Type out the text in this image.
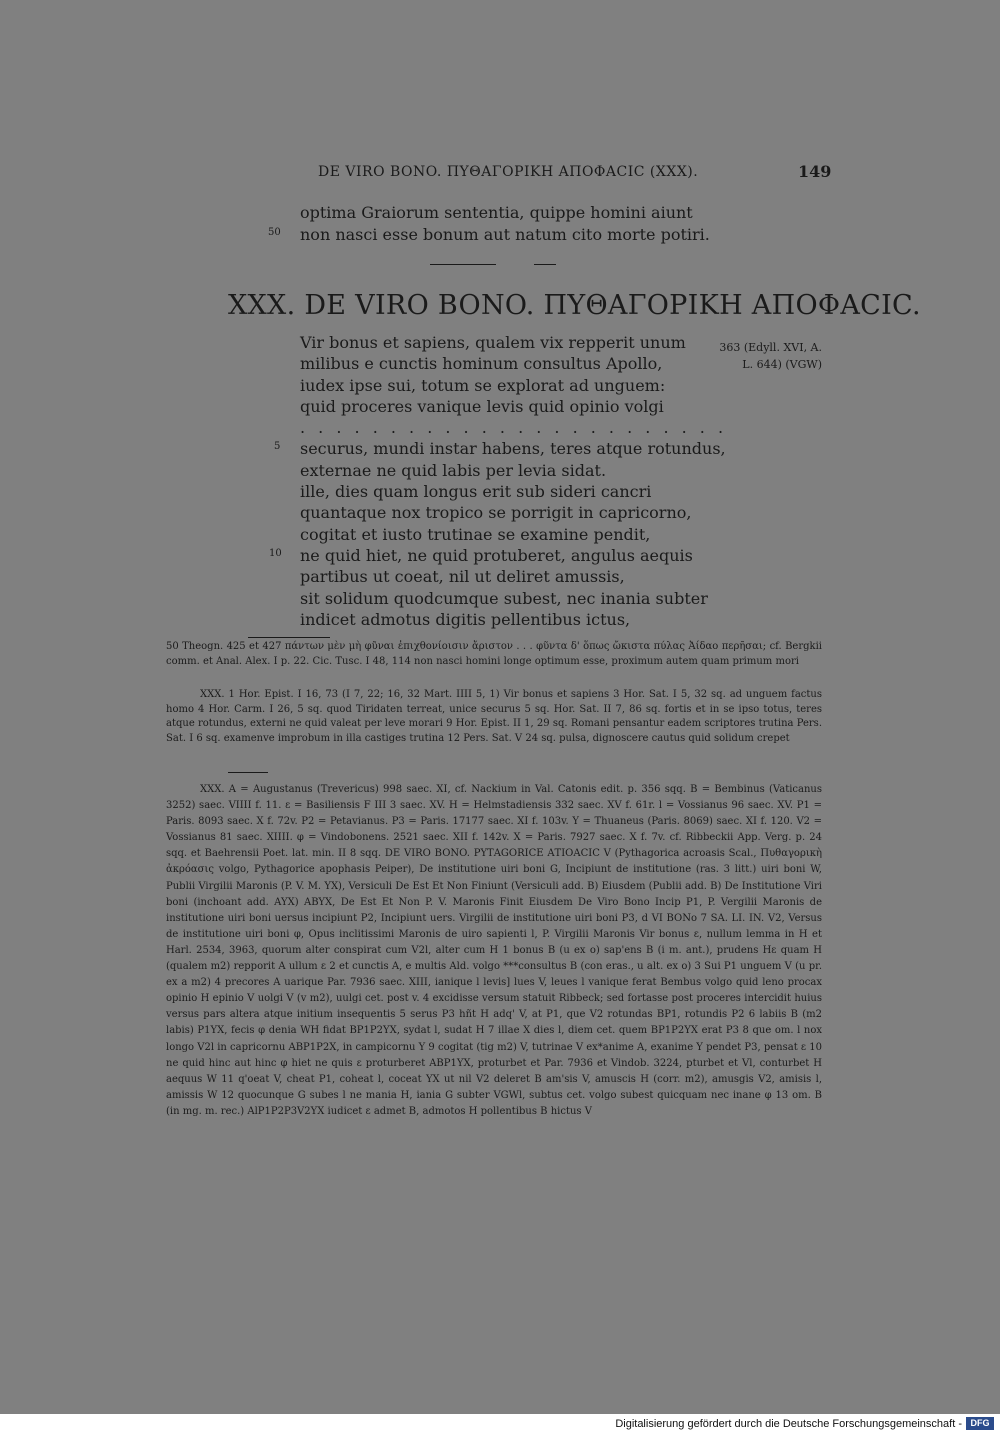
DE VIRO BONO. ΠΥΘΑΓΟΡΙΚΗ ΑΠΟΦΑCΙC (XXX).	149
optima Graiorum sententia, quippe homini aiunt
non nasci esse bonum aut natum cito morte potiri.
50
XXX. DE VIRO BONO. ΠΥΘΑΓΟΡΙΚΗ ΑΠΟΦΑCΙC.
Vir bonus et sapiens, qualem vix repperit unum
milibus e cunctis hominum consultus Apollo,
iudex ipse sui, totum se explorat ad unguem:
quid proceres vanique levis quid opinio volgi
. . . . . . . . . . . . . . . . . . . . . . . .
securus, mundi instar habens, teres atque rotundus,
externae ne quid labis per levia sidat.
ille, dies quam longus erit sub sideri cancri
quantaque nox tropico se porrigit in capricorno,
cogitat et iusto trutinae se examine pendit,
ne quid hiet, ne quid protuberet, angulus aequis
partibus ut coeat, nil ut deliret amussis,
sit solidum quodcumque subest, nec inania subter
indicet admotus digitis pellentibus ictus,
5
10
363 (Edyll. XVI, A.
L. 644) (VGW)
50 Theogn. 425 et 427 πάντων μὲν μὴ φῦναι ἐπιχθονίοισιν ἄριστον . . . φῦντα δ' ὅπως ὤκιστα πύλας Ἀίδαο περῆσαι; cf. Bergkii comm. et Anal. Alex. I p. 22. Cic. Tusc. I 48, 114 non nasci homini longe optimum esse, proximum autem quam primum mori
XXX. 1 Hor. Epist. I 16, 73 (I 7, 22; 16, 32 Mart. IIII 5, 1) Vir bonus et sapiens 3 Hor. Sat. I 5, 32 sq. ad unguem factus homo 4 Hor. Carm. I 26, 5 sq. quod Tiridaten terreat, unice securus 5 sq. Hor. Sat. II 7, 86 sq. fortis et in se ipso totus, teres atque rotundus, externi ne quid valeat per leve morari 9 Hor. Epist. II 1, 29 sq. Romani pensantur eadem scriptores trutina Pers. Sat. I 6 sq. examenve improbum in illa castiges trutina 12 Pers. Sat. V 24 sq. pulsa, dignoscere cautus quid solidum crepet
XXX. A = Augustanus (Trevericus) 998 saec. XI, cf. Nackium in Val. Catonis edit. p. 356 sqq. B = Bembinus (Vaticanus 3252) saec. VIIII f. 11. ε = Basiliensis F III 3 saec. XV. H = Helmstadiensis 332 saec. XV f. 61r. l = Vossianus 96 saec. XV. P1 = Paris. 8093 saec. X f. 72v. P2 = Petavianus. P3 = Paris. 17177 saec. XI f. 103v. Y = Thuaneus (Paris. 8069) saec. XI f. 120. V2 = Vossianus 81 saec. XIIII. φ = Vindobonens. 2521 saec. XII f. 142v. X = Paris. 7927 saec. X f. 7v. cf. Ribbeckii App. Verg. p. 24 sqq. et Baehrensii Poet. lat. min. II 8 sqq. DE VIRO BONO. ΡΥΤΑGΟRΙCE ΑΤΙΟΑCΙC V (Pythagorica acroasis Scal., Πυθαγορικὴ ἀκρόασις volgo, Pythagorice apophasis Peiper), De institutione uiri boni G, Incipiunt de institutione (ras. 3 litt.) uiri boni W, Publii Virgilii Maronis (P. V. M. YX), Versiculi De Est Et Non Finiunt (Versiculi add. B) Eiusdem (Publii add. B) De Institutione Viri boni (inchoant add. AYX) ABYX, De Est Et Non P. V. Maronis Finit Eiusdem De Viro Bono Incip P1, P. Vergilii Maronis de institutione uiri boni uersus incipiunt P2, Incipiunt uers. Virgilii de institutione uiri boni P3, d VI BONo 7 SA. LI. IN. V2, Versus de institutione uiri boni φ, Opus inclitissimi Maronis de uiro sapienti l, P. Virgilii Maronis Vir bonus ε, nullum lemma in H et Harl. 2534, 3963, quorum alter conspirat cum V2l, alter cum H 1 bonus B (u ex o) sap'ens B (i m. ant.), prudens Hε quam H (qualem m2) repporit A ullum ε 2 et cunctis A, e multis Ald. volgo ***consultus B (con eras., u alt. ex o) 3 Sui P1 unguem V (u pr. ex a m2) 4 precores A uarique Par. 7936 saec. XIII, ianique l levis] lues V, leues l vanique ferat Bembus volgo quid leno procax opinio H epinio V uolgi V (v m2), uulgi cet. post v. 4 excidisse versum statuit Ribbeck; sed fortasse post proceres intercidit huius versus pars altera atque initium insequentis 5 serus P3 hñt H adq' V, at P1, que V2 rotundas BP1, rotundis P2 6 labiis B (m2 labis) P1YX, fecis φ denia WH fidat BP1P2YX, sydat l, sudat H 7 illae X dies l, diem cet. quem BP1P2YX erat P3 8 que om. l nox longo V2l in capricornu ABP1P2X, in campicornu Y 9 cogitat (tig m2) V, tutrinae V ex*anime A, exanime Y pendet P3, pensat ε 10 ne quid hinc aut hinc φ hiet ne quis ε proturberet ABP1YX, proturbet et Par. 7936 et Vindob. 3224, pturbet et Vl, conturbet H aequus W 11 q'oeat V, cheat P1, coheat l, coceat YX ut nil V2 deleret B am'sis V, amuscis H (corr. m2), amusgis V2, amisis l, amissis W 12 quocunque G subes l ne mania H, iania G subter VGWl, subtus cet. volgo subest quicquam nec inane φ 13 om. B (in mg. m. rec.) AlP1P2P3V2YX iudicet ε admet B, admotos H pollentibus B hictus V
Digitalisierung gefördert durch die Deutsche Forschungsgemeinschaft - DFG
